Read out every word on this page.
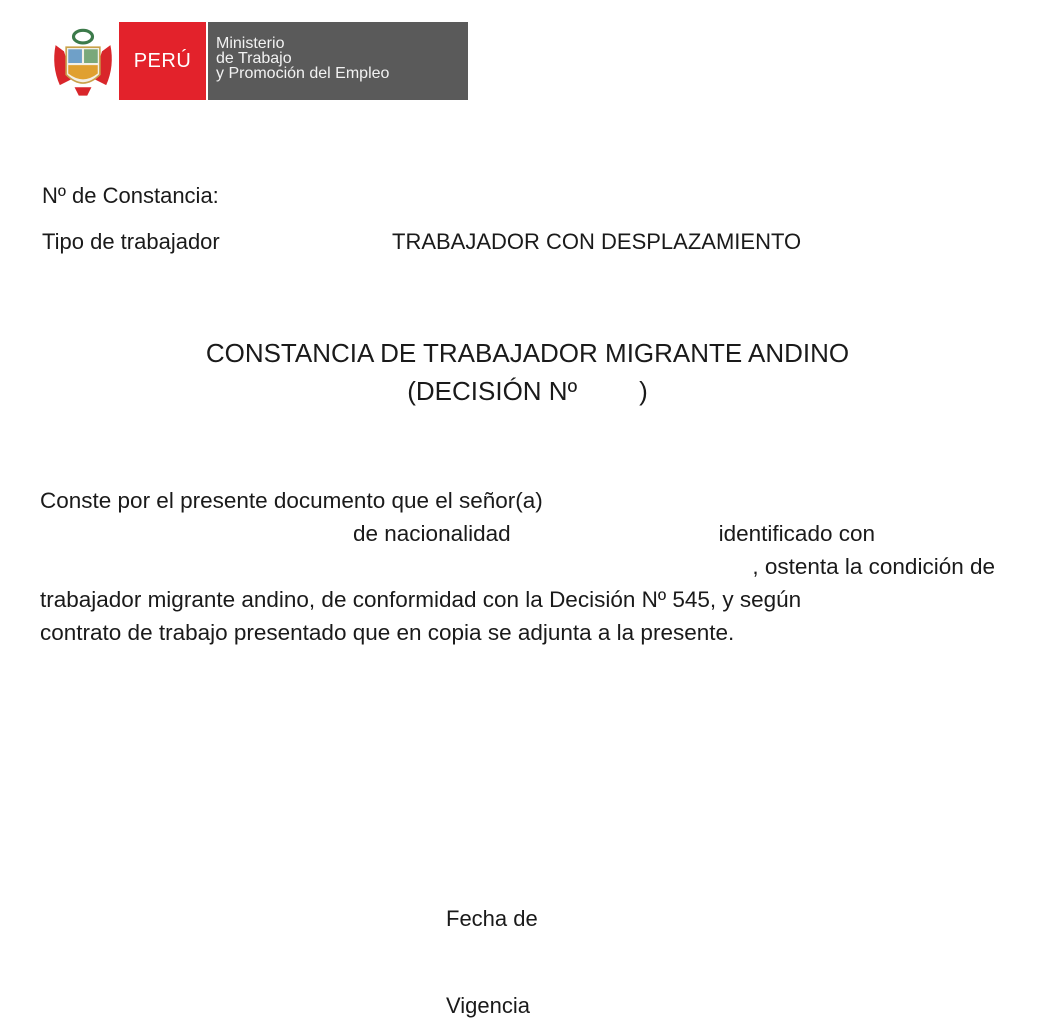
PERÚ
Ministerio
de Trabajo
y Promoción del Empleo
Nº de Constancia:
Tipo de trabajador	TRABAJADOR CON DESPLAZAMIENTO
CONSTANCIA DE TRABAJADOR MIGRANTE ANDINO
(DECISIÓN Nº )
Conste por el presente documento que el señor(a)
de nacionalidad	identificado con
, ostenta la condición de
trabajador migrante andino, de conformidad con la Decisión Nº 545, y según
contrato de trabajo presentado que en copia se adjunta a la presente.
Fecha de
Vigencia
